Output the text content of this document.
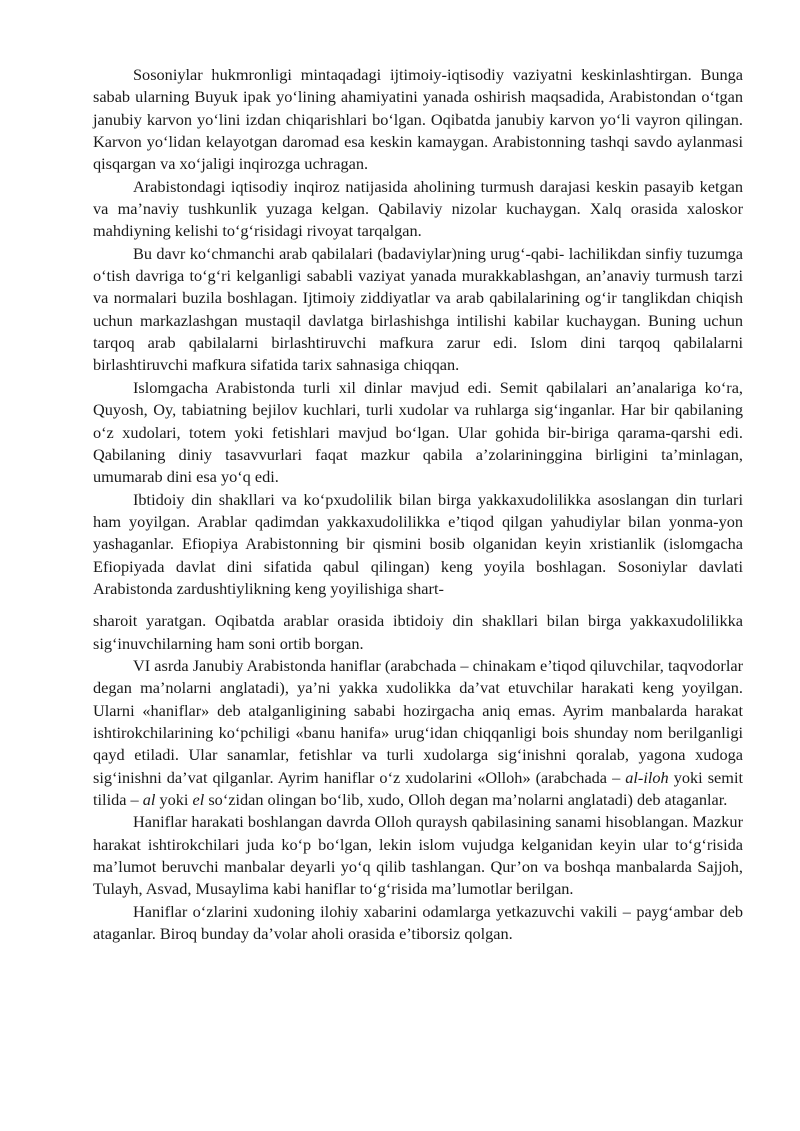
Sosoniylar hukmronligi mintaqadagi ijtimoiy-iqtisodiy vaziyatni keskinlashtirgan. Bunga sabab ularning Buyuk ipak yo‘lining ahamiyatini yanada oshirish maqsadida, Arabistondan o‘tgan janubiy karvon yo‘lini izdan chiqarishlari bo‘lgan. Oqibatda janubiy karvon yo‘li vayron qilingan. Karvon yo‘lidan kelayotgan daromad esa keskin kamaygan. Arabistonning tashqi savdo aylanmasi qisqargan va xo‘jaligi inqirozga uchragan.

Arabistondagi iqtisodiy inqiroz natijasida aholining turmush darajasi keskin pasayib ketgan va ma’naviy tushkunlik yuzaga kelgan. Qabilaviy nizolar kuchaygan. Xalq orasida xaloskor mahdiyning kelishi to‘g‘risidagi rivoyat tarqalgan.

Bu davr ko‘chmanchi arab qabilalari (badaviylar)ning urug‘-qabi- lachilikdan sinfiy tuzumga o‘tish davriga to‘g‘ri kelganligi sababli vaziyat yanada murakkablashgan, an’anaviy turmush tarzi va normalari buzila boshlagan. Ijtimoiy ziddiyatlar va arab qabilalarining og‘ir tanglikdan chiqish uchun markazlashgan mustaqil davlatga birlashishga intilishi kabilar kuchaygan. Buning uchun tarqoq arab qabilalarni birlashtiruvchi mafkura zarur edi. Islom dini tarqoq qabilalarni birlashtiruvchi mafkura sifatida tarix sahnasiga chiqqan.

Islomgacha Arabistonda turli xil dinlar mavjud edi. Semit qabilalari an’analariga ko‘ra, Quyosh, Oy, tabiatning bejilov kuchlari, turli xudolar va ruhlarga sig‘inganlar. Har bir qabilaning o‘z xudolari, totem yoki fetishlari mavjud bo‘lgan. Ular gohida bir-biriga qarama-qarshi edi. Qabilaning diniy tasavvurlari faqat mazkur qabila a’zolarininggina birligini ta’minlagan, umumarab dini esa yo‘q edi.

Ibtidoiy din shakllari va ko‘pxudolilik bilan birga yakkaxudolilikka asoslangan din turlari ham yoyilgan. Arablar qadimdan yakkaxudolilikka e’tiqod qilgan yahudiylar bilan yonma-yon yashaganlar. Efiopiya Arabistonning bir qismini bosib olganidan keyin xristianlik (islomgacha Efiopiyada davlat dini sifatida qabul qilingan) keng yoyila boshlagan. Sosoniylar davlati Arabistonda zardushtiylikning keng yoyilishiga shart-

sharoit yaratgan. Oqibatda arablar orasida ibtidoiy din shakllari bilan birga yakkaxudolilikka sig‘inuvchilarning ham soni ortib borgan.

VI asrda Janubiy Arabistonda haniflar (arabchada – chinakam e’tiqod qiluvchilar, taqvodorlar degan ma’nolarni anglatadi), ya’ni yakka xudolikka da’vat etuvchilar harakati keng yoyilgan. Ularni «haniflar» deb atalganligining sababi hozirgacha aniq emas. Ayrim manbalarda harakat ishtirokchilarining ko‘pchiligi «banu hanifa» urug‘idan chiqqanligi bois shunday nom berilganligi qayd etiladi. Ular sanamlar, fetishlar va turli xudolarga sig‘inishni qoralab, yagona xudoga sig‘inishni da’vat qilganlar. Ayrim haniflar o‘z xudolarini «Olloh» (arabchada – al-iloh yoki semit tilida – al yoki el so‘zidan olingan bo‘lib, xudo, Olloh degan ma’nolarni anglatadi) deb ataganlar.

Haniflar harakati boshlangan davrda Olloh quraysh qabilasining sanami hisoblangan. Mazkur harakat ishtirokchilari juda ko‘p bo‘lgan, lekin islom vujudga kelganidan keyin ular to‘g‘risida ma’lumot beruvchi manbalar deyarli yo‘q qilib tashlangan. Qur’on va boshqa manbalarda Sajjoh, Tulayh, Asvad, Musaylima kabi haniflar to‘g‘risida ma’lumotlar berilgan.

Haniflar o‘zlarini xudoning ilohiy xabarini odamlarga yetkazuvchi vakili – payg‘ambar deb ataganlar. Biroq bunday da’volar aholi orasida e’tiborsiz qolgan.
